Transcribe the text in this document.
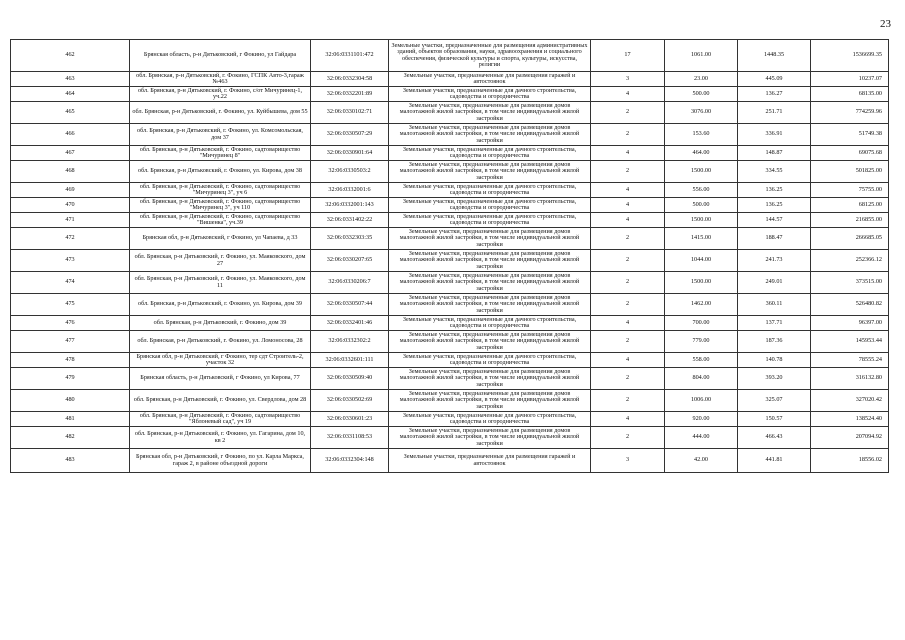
23
462	Брянская область, р-н Дятьковский, г Фокино, ул Гайдара	32:06:0331101:472	Земельные участки, предназначенные для размещения административных зданий, объектов образования, науки, здравоохранения и социального обеспечения, физической культуры и спорта, культуры, искусства, религии	17	1061.00	1448.35	1536699.35
463	обл. Брянская, р-н Дятьковский, г. Фокино, ГСПК Авто-3,гараж №463	32:06:0332304:58	Земельные участки, предназначенные для размещения гаражей и автостоянок	3	23.00	445.09	10237.07
464	обл. Брянская, р-н Дятьковский, г. Фокино, с/от Мичуринец-1, уч.22	32:06:0332201:89	Земельные участки, предназначенные для дачного строительства, садоводства и огородничества	4	500.00	136.27	68135.00
465	обл. Брянская, р-н Дятьковский, г. Фокино, ул. Куйбышева, дом 55	32:06:0330102:71	Земельные участки, предназначенные для размещения домов малоэтажной жилой застройки, в том числе индивидуальной жилой застройки	2	3076.00	251.71	774259.96
466	обл. Брянская, р-н Дятьковский, г. Фокино, ул. Комсомольская, дом 37	32:06:0330507:29	Земельные участки, предназначенные для размещения домов малоэтажной жилой застройки, в том числе индивидуальной жилой застройки	2	153.60	336.91	51749.38
467	обл. Брянская, р-н Дятьковский, г. Фокино, садтоварищество "Мичуринец 8"	32:06:0330901:64	Земельные участки, предназначенные для дачного строительства, садоводства и огородничества	4	464.00	148.87	69075.68
468	обл. Брянская, р-н Дятьковский, г. Фокино, ул. Кирова, дом 38	32:06:0330503:2	Земельные участки, предназначенные для размещения домов малоэтажной жилой застройки, в том числе индивидуальной жилой застройки	2	1500.00	334.55	501825.00
469	обл. Брянская, р-н Дятьковский, г. Фокино, садтоварищество "Мичуринец 3", уч 6	32:06:0332001:6	Земельные участки, предназначенные для дачного строительства, садоводства и огородничества	4	556.00	136.25	75755.00
470	обл. Брянская, р-н Дятьковский, г. Фокино, садтоварищество "Мичуринец 3", уч 110	32:06:0332001:143	Земельные участки, предназначенные для дачного строительства, садоводства и огородничества	4	500.00	136.25	68125.00
471	обл. Брянская, р-н Дятьковский, г. Фокино, садтоварищество "Вишенка", уч.39	32:06:0331402:22	Земельные участки, предназначенные для дачного строительства, садоводства и огородничества	4	1500.00	144.57	216855.00
472	Брянская обл, р-н Дятьковский, г Фокино, ул Чапаева, д 33	32:06:0332303:35	Земельные участки, предназначенные для размещения домов малоэтажной жилой застройки, в том числе индивидуальной жилой застройки	2	1415.00	188.47	266685.05
473	обл. Брянская, р-н Дятьковский, г. Фокино, ул. Маяковского, дом 27	32:06:0330207:65	Земельные участки, предназначенные для размещения домов малоэтажной жилой застройки, в том числе индивидуальной жилой застройки	2	1044.00	241.73	252366.12
474	обл. Брянская, р-н Дятьковский, г. Фокино, ул. Маяковского, дом 11	32:06:0330206:7	Земельные участки, предназначенные для размещения домов малоэтажной жилой застройки, в том числе индивидуальной жилой застройки	2	1500.00	249.01	373515.00
475	обл. Брянская, р-н Дятьковский, г. Фокино, ул. Кирова, дом 39	32:06:0330507:44	Земельные участки, предназначенные для размещения домов малоэтажной жилой застройки, в том числе индивидуальной жилой застройки	2	1462.00	360.11	526480.82
476	обл. Брянская, р-н Дятьковский, г. Фокино, дом 39	32:06:0332401:46	Земельные участки, предназначенные для дачного строительства, садоводства и огородничества	4	700.00	137.71	96397.00
477	обл. Брянская, р-н Дятьковский, г. Фокино, ул. Ломоносова, 28	32:06:0332302:2	Земельные участки, предназначенные для размещения домов малоэтажной жилой застройки, в том числе индивидуальной жилой застройки	2	779.00	187.36	145953.44
478	Брянская обл, р-н Дятьковский, г Фокино, тер сдт Строитель-2, участок 32	32:06:0332601:111	Земельные участки, предназначенные для дачного строительства, садоводства и огородничества	4	558.00	140.78	78555.24
479	Брянская область, р-н Дятьковский, г Фокино, ул Кирова, 77	32:06:0330509:40	Земельные участки, предназначенные для размещения домов малоэтажной жилой застройки, в том числе индивидуальной жилой застройки	2	804.00	393.20	316132.80
480	обл. Брянская, р-н Дятьковский, г. Фокино, ул. Свердлова, дом 28	32:06:0330502:69	Земельные участки, предназначенные для размещения домов малоэтажной жилой застройки, в том числе индивидуальной жилой застройки	2	1006.00	325.07	327020.42
481	обл. Брянская, р-н Дятьковский, г. Фокино, садтоварищество "Яблоневый сад", уч 19	32:06:0330601:23	Земельные участки, предназначенные для дачного строительства, садоводства и огородничества	4	920.00	150.57	138524.40
482	обл. Брянская, р-н Дятьковский, г. Фокино, ул. Гагарина, дом 10, кв 2	32:06:0331108:53	Земельные участки, предназначенные для размещения домов малоэтажной жилой застройки, в том числе индивидуальной жилой застройки	2	444.00	466.43	207094.92
483	Брянская обл, р-н Дятьковский, г Фокино, по ул. Карла Маркса, гараж 2, в районе объездной дороги	32:06:0332304:148	Земельные участки, предназначенные для размещения гаражей и автостоянок	3	42.00	441.81	18556.02
